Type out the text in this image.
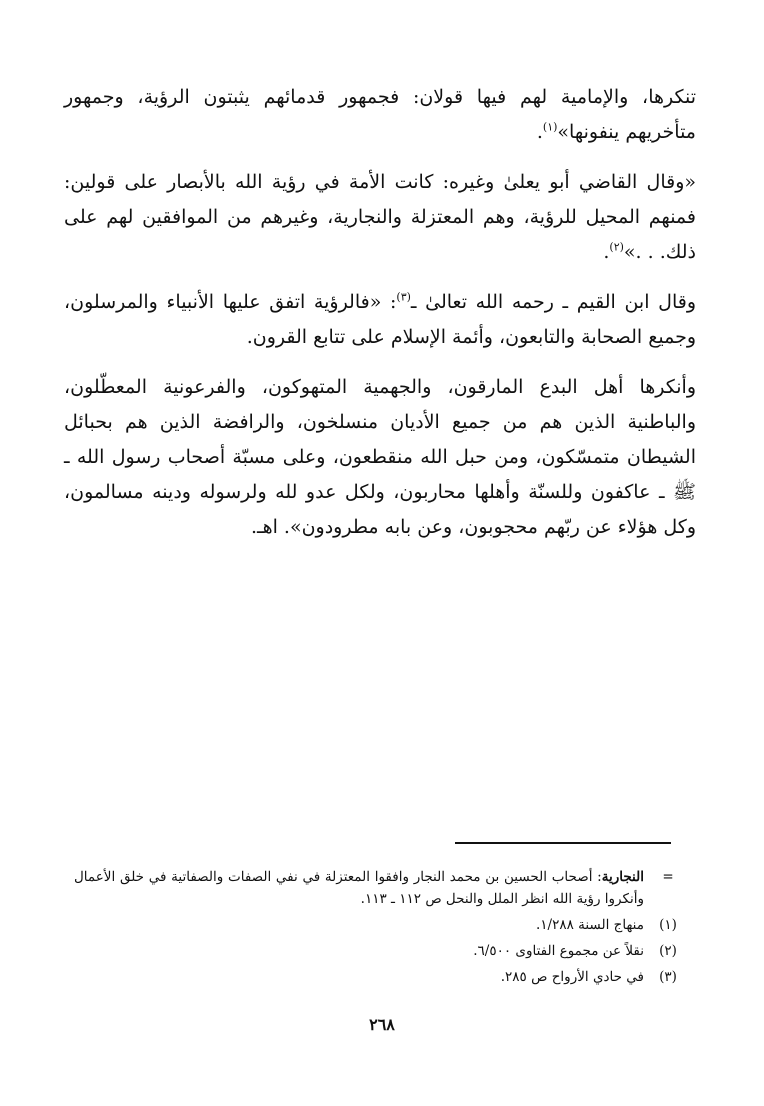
تنكرها، والإمامية لهم فيها قولان: فجمهور قدمائهم يثبتون الرؤية، وجمهور متأخريهم ينفونها»$^{(١)}$.

«وقال القاضي أبو يعلىٰ وغيره: كانت الأمة في رؤية الله بالأبصار على قولين: فمنهم المحيل للرؤية، وهم المعتزلة والنجارية، وغيرهم من الموافقين لهم على ذلك. . .»$^{(٢)}$.

وقال ابن القيم ـ رحمه الله تعالىٰ ـ$^{(٣)}$: «فالرؤية اتفق عليها الأنبياء والمرسلون، وجميع الصحابة والتابعون، وأئمة الإسلام على تتابع القرون.

وأنكرها أهل البدع المارقون، والجهمية المتهوكون، والفرعونية المعطّلون، والباطنية الذين هم من جميع الأديان منسلخون، والرافضة الذين هم بحبائل الشيطان متمسّكون، ومن حبل الله منقطعون، وعلى مسبّة أصحاب رسول الله ـ ﷺ ـ عاكفون وللسنّة وأهلها محاربون، ولكل عدو لله ولرسوله ودينه مسالمون، وكل هؤلاء عن ربّهم محجوبون، وعن بابه مطرودون». اهـ.

=
النجارية: أصحاب الحسين بن محمد النجار وافقوا المعتزلة في نفي الصفات والصفاتية في خلق الأعمال وأنكروا رؤية الله انظر الملل والنحل ص ١١٢ ـ ١١٣.
(١)
منهاج السنة ١/٢٨٨.
(٢)
نقلاً عن مجموع الفتاوى ٦/٥٠٠.
(٣)
في حادي الأرواح ص ٢٨٥.
٢٦٨
